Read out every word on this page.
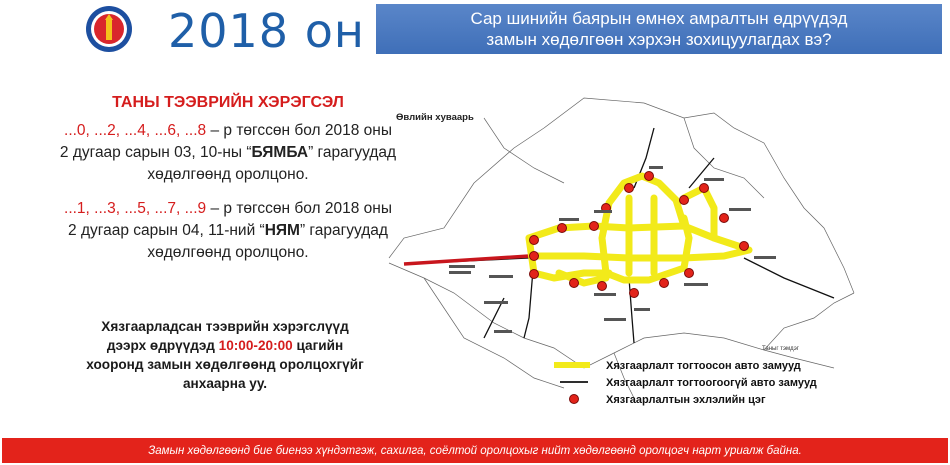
2018 он	Сар шинийн баярын өмнөх амралтын өдрүүдэд
замын хөдөлгөөн хэрхэн зохицуулагдах вэ?
ТАНЫ ТЭЭВРИЙН ХЭРЭГСЭЛ
...0, ...2, ...4, ...6, ...8 – р төгссөн бол 2018 оны 2 дугаар сарын 03, 10-ны “БЯМБА” гарагуудад хөдөлгөөнд оролцоно.
...1, ...3, ...5, ...7, ...9 – р төгссөн бол 2018 оны 2 дугаар сарын 04, 11-ний “НЯМ” гарагуудад хөдөлгөөнд оролцоно.
Хязгаарладсан тээврийн хэрэгслүүд дээрх өдрүүдэд 10:00-20:00 цагийн хооронд замын хөдөлгөөнд оролцохгүйг анхаарна уу.
Өвлийн хуваарь
Таныг тэмдэг
Хязгаарлалт тогтоосон авто замууд
Хязгаарлалт тогтоогоогүй авто замууд
Хязгаарлалтын эхлэлийн цэг
Замын хөдөлгөөнд бие биенээ хүндэтгэж, сахилга, соёлтой оролцохыг нийт хөдөлгөөнд оролцогч нарт уриалж байна.
